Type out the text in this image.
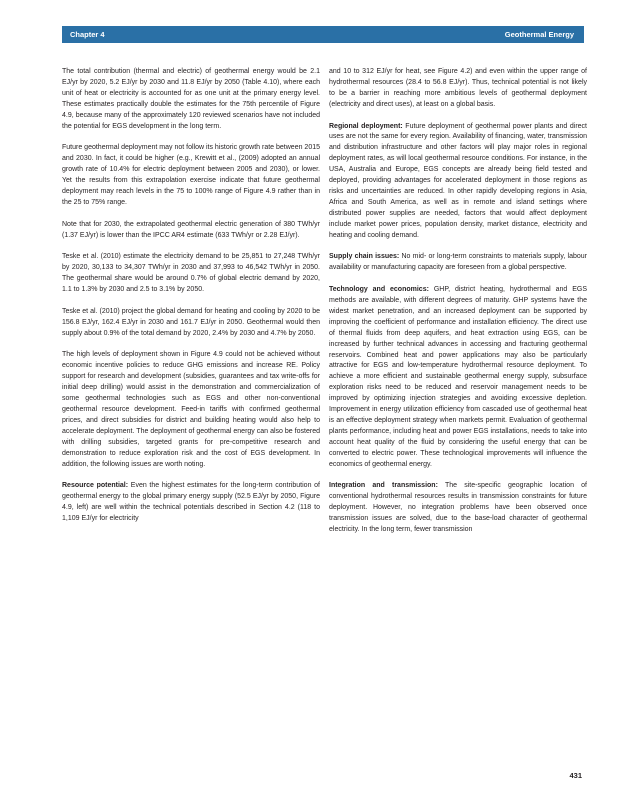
Chapter 4	Geothermal Energy

The total contribution (thermal and electric) of geothermal energy would be 2.1 EJ/yr by 2020, 5.2 EJ/yr by 2030 and 11.8 EJ/yr by 2050 (Table 4.10), where each unit of heat or electricity is accounted for as one unit at the primary energy level. These estimates practically double the estimates for the 75th percentile of Figure 4.9, because many of the approximately 120 reviewed scenarios have not included the potential for EGS development in the long term.

Future geothermal deployment may not follow its historic growth rate between 2015 and 2030. In fact, it could be higher (e.g., Krewitt et al., (2009) adopted an annual growth rate of 10.4% for electric deployment between 2005 and 2030), or lower. Yet the results from this extrapolation exercise indicate that future geothermal deployment may reach levels in the 75 to 100% range of Figure 4.9 rather than in the 25 to 75% range.

Note that for 2030, the extrapolated geothermal electric generation of 380 TWh/yr (1.37 EJ/yr) is lower than the IPCC AR4 estimate (633 TWh/yr or 2.28 EJ/yr).

Teske et al. (2010) estimate the electricity demand to be 25,851 to 27,248 TWh/yr by 2020, 30,133 to 34,307 TWh/yr in 2030 and 37,993 to 46,542 TWh/yr in 2050. The geothermal share would be around 0.7% of global electric demand by 2020, 1.1 to 1.3% by 2030 and 2.5 to 3.1% by 2050.

Teske et al. (2010) project the global demand for heating and cooling by 2020 to be 156.8 EJ/yr, 162.4 EJ/yr in 2030 and 161.7 EJ/yr in 2050. Geothermal would then supply about 0.9% of the total demand by 2020, 2.4% by 2030 and 4.7% by 2050.

The high levels of deployment shown in Figure 4.9 could not be achieved without economic incentive policies to reduce GHG emissions and increase RE. Policy support for research and development (subsidies, guarantees and tax write-offs for initial deep drilling) would assist in the demonstration and commercialization of some geothermal technologies such as EGS and other non-conventional geothermal resource development. Feed-in tariffs with confirmed geothermal prices, and direct subsidies for district and building heating would also help to accelerate deployment. The deployment of geothermal energy can also be fostered with drilling subsidies, targeted grants for pre-competitive research and demonstration to reduce exploration risk and the cost of EGS development. In addition, the following issues are worth noting.

Resource potential: Even the highest estimates for the long-term contribution of geothermal energy to the global primary energy supply (52.5 EJ/yr by 2050, Figure 4.9, left) are well within the technical potentials described in Section 4.2 (118 to 1,109 EJ/yr for electricity

and 10 to 312 EJ/yr for heat, see Figure 4.2) and even within the upper range of hydrothermal resources (28.4 to 56.8 EJ/yr). Thus, technical potential is not likely to be a barrier in reaching more ambitious levels of geothermal deployment (electricity and direct uses), at least on a global basis.

Regional deployment: Future deployment of geothermal power plants and direct uses are not the same for every region. Availability of financing, water, transmission and distribution infrastructure and other factors will play major roles in regional deployment rates, as will local geothermal resource conditions. For instance, in the USA, Australia and Europe, EGS concepts are already being field tested and deployed, providing advantages for accelerated deployment in those regions as risks and uncertainties are reduced. In other rapidly developing regions in Asia, Africa and South America, as well as in remote and island settings where distributed power supplies are needed, factors that would affect deployment include market power prices, population density, market distance, electricity and heating and cooling demand.

Supply chain issues: No mid- or long-term constraints to materials supply, labour availability or manufacturing capacity are foreseen from a global perspective.

Technology and economics: GHP, district heating, hydrothermal and EGS methods are available, with different degrees of maturity. GHP systems have the widest market penetration, and an increased deployment can be supported by improving the coefficient of performance and installation efficiency. The direct use of thermal fluids from deep aquifers, and heat extraction using EGS, can be increased by further technical advances in accessing and fracturing geothermal reservoirs. Combined heat and power applications may also be particularly attractive for EGS and low-temperature hydrothermal resource deployment. To achieve a more efficient and sustainable geothermal energy supply, subsurface exploration risks need to be reduced and reservoir management needs to be improved by optimizing injection strategies and avoiding excessive depletion. Improvement in energy utilization efficiency from cascaded use of geothermal heat is an effective deployment strategy when markets permit. Evaluation of geothermal plants performance, including heat and power EGS installations, needs to take into account heat quality of the fluid by considering the useful energy that can be converted to electric power. These technological improvements will influence the economics of geothermal energy.

Integration and transmission: The site-specific geographic location of conventional hydrothermal resources results in transmission constraints for future deployment. However, no integration problems have been observed once transmission issues are solved, due to the base-load character of geothermal electricity. In the long term, fewer transmission

431
